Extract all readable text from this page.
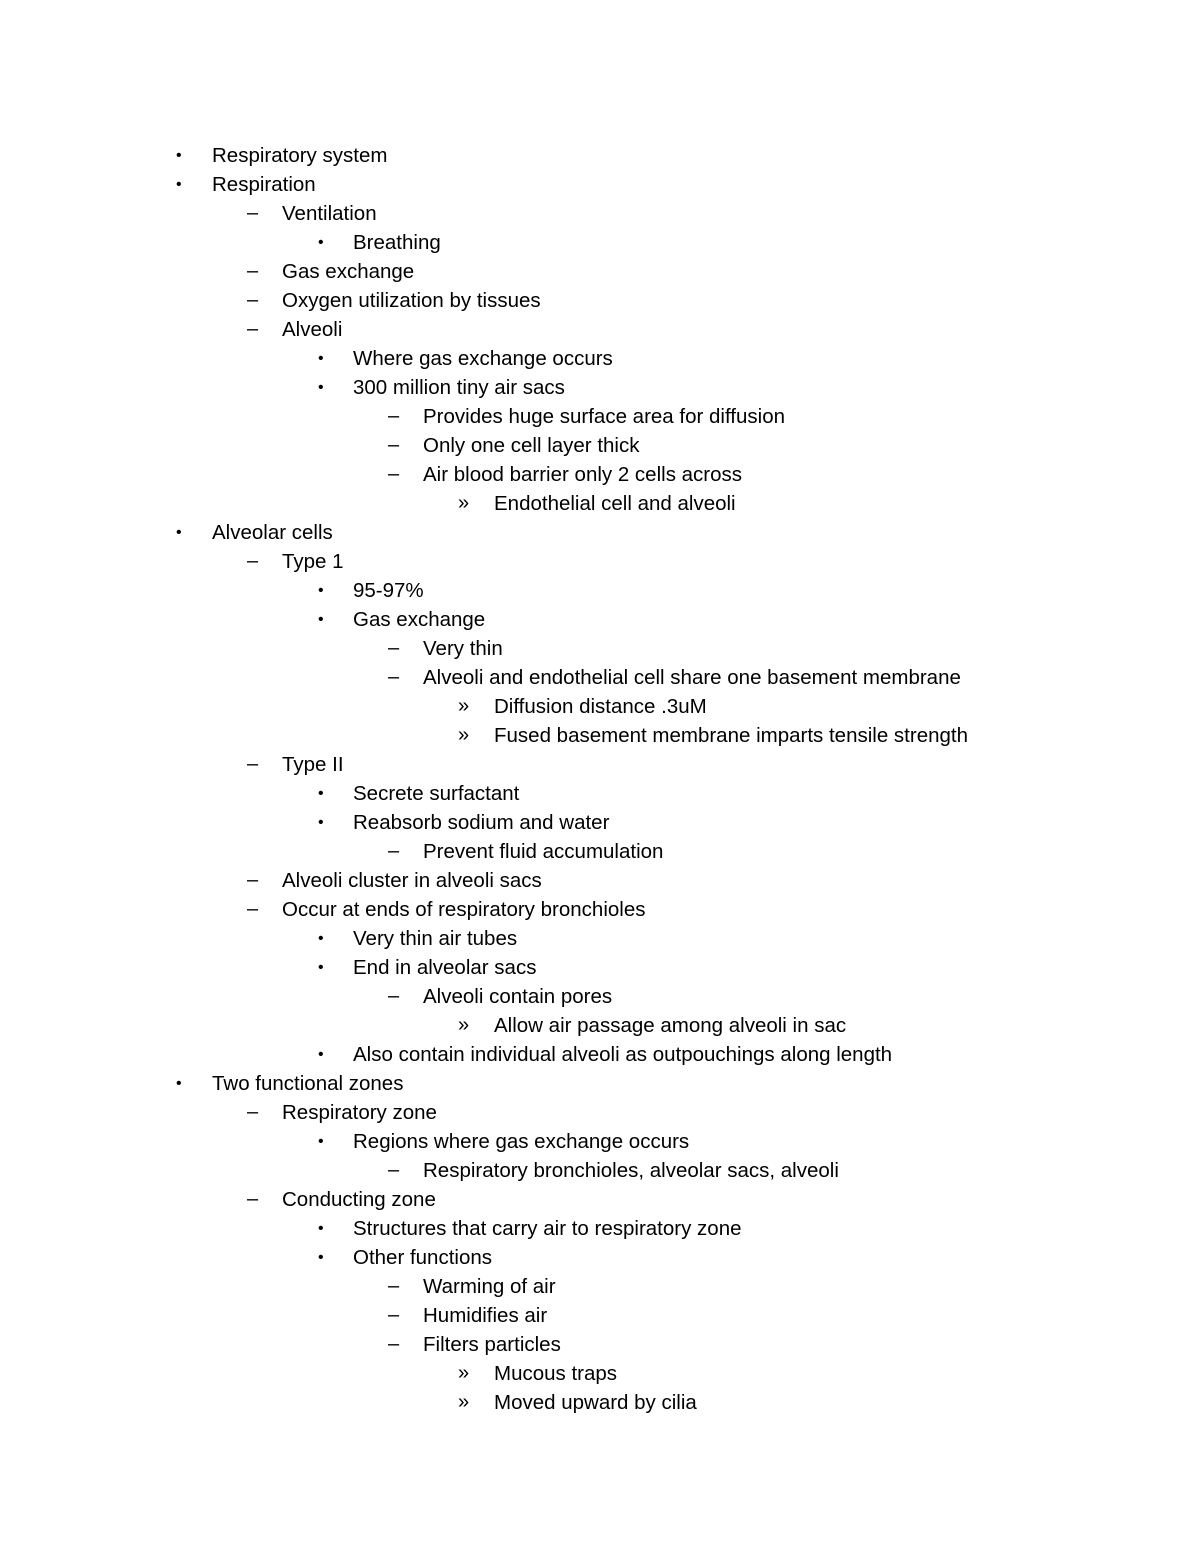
•	Respiratory system
•	Respiration
–	Ventilation
•	Breathing
–	Gas exchange
–	Oxygen utilization by tissues
–	Alveoli
•	Where gas exchange occurs
•	300 million tiny air sacs
–	Provides huge surface area for diffusion
–	Only one cell layer thick
–	Air blood barrier only 2 cells across
»	Endothelial cell and alveoli
•	Alveolar cells
–	Type 1
•	95-97%
•	Gas exchange
–	Very thin
–	Alveoli and endothelial cell share one basement membrane
»	Diffusion distance .3uM
»	Fused basement membrane imparts tensile strength
–	Type II
•	Secrete surfactant
•	Reabsorb sodium and water
–	Prevent fluid accumulation
–	Alveoli cluster in alveoli sacs
–	Occur at ends of respiratory bronchioles
•	Very thin air tubes
•	End in alveolar sacs
–	Alveoli contain pores
»	Allow air passage among alveoli in sac
•	Also contain individual alveoli as outpouchings along length
•	Two functional zones
–	Respiratory zone
•	Regions where gas exchange occurs
–	Respiratory bronchioles, alveolar sacs, alveoli
–	Conducting zone
•	Structures that carry air to respiratory zone
•	Other functions
–	Warming of air
–	Humidifies air
–	Filters particles
»	Mucous traps
»	Moved upward by cilia
